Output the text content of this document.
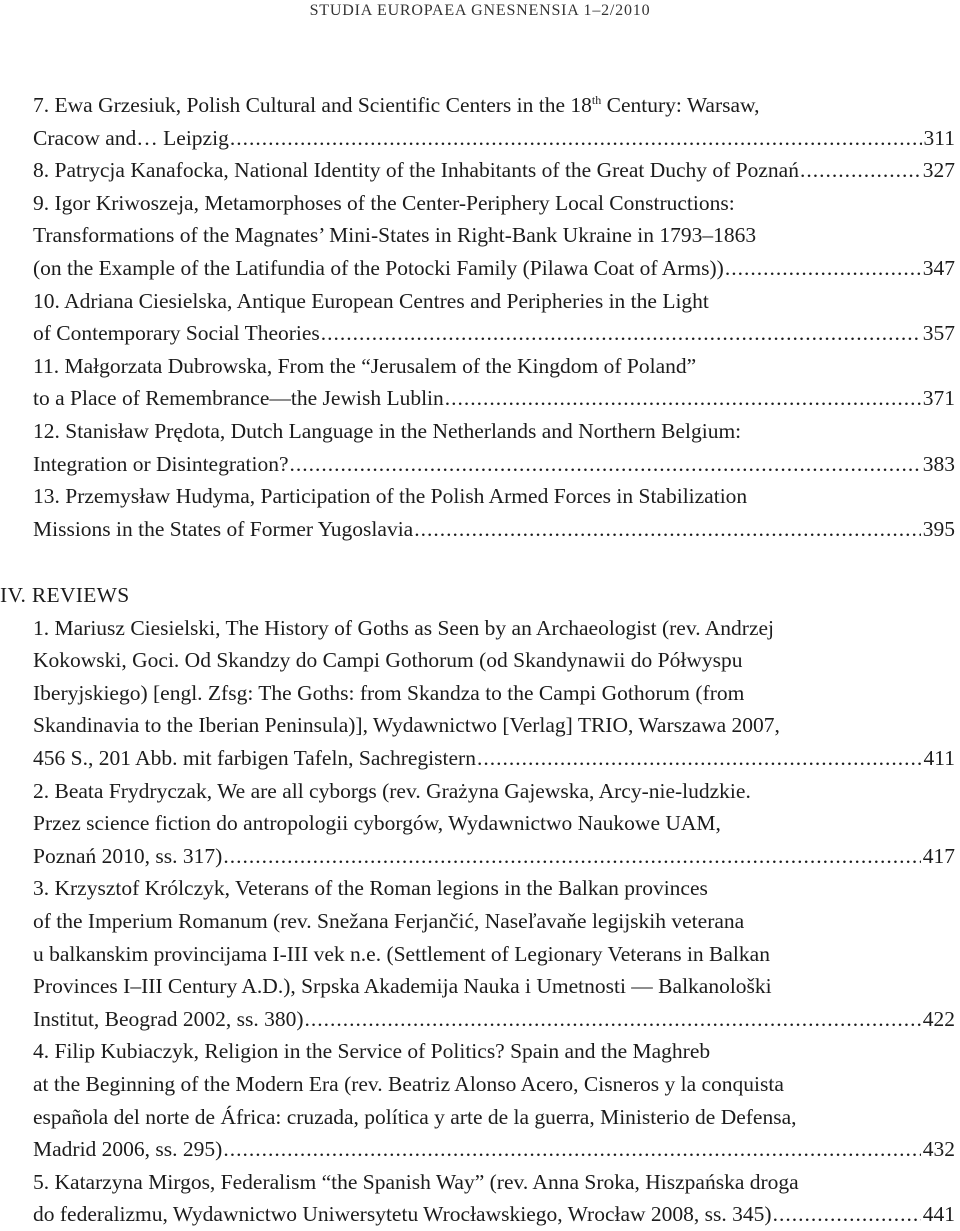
STUDIA EUROPAEA GNESNENSIA 1–2/2010
7. Ewa Grzesiuk, Polish Cultural and Scientific Centers in the 18th Century: Warsaw,
Cracow and… Leipzig .....	311
8. Patrycja Kanafocka, National Identity of the Inhabitants of the Great Duchy of Poznań .....	327
9. Igor Kriwoszeja, Metamorphoses of the Center-Periphery Local Constructions:
Transformations of the Magnates’ Mini-States in Right-Bank Ukraine in 1793–1863
(on the Example of the Latifundia of the Potocki Family (Pilawa Coat of Arms)) .....	347
10. Adriana Ciesielska, Antique European Centres and Peripheries in the Light
of Contemporary Social Theories .....	357
11. Małgorzata Dubrowska, From the “Jerusalem of the Kingdom of Poland”
to a Place of Remembrance—the Jewish Lublin .....	371
12. Stanisław Prędota, Dutch Language in the Netherlands and Northern Belgium:
Integration or Disintegration? .....	383
13. Przemysław Hudyma, Participation of the Polish Armed Forces in Stabilization
Missions in the States of Former Yugoslavia .....	395
IV. REVIEWS
1. Mariusz Ciesielski, The History of Goths as Seen by an Archaeologist (rev. Andrzej
Kokowski, Goci. Od Skandzy do Campi Gothorum (od Skandynawii do Półwyspu
Iberyjskiego) [engl. Zfsg: The Goths: from Skandza to the Campi Gothorum (from
Skandinavia to the Iberian Peninsula)], Wydawnictwo [Verlag] TRIO, Warszawa 2007,
456 S., 201 Abb. mit farbigen Tafeln, Sachregistern .....	411
2. Beata Frydryczak, We are all cyborgs (rev. Grażyna Gajewska, Arcy-nie-ludzkie.
Przez science fiction do antropologii cyborgów, Wydawnictwo Naukowe UAM,
Poznań 2010, ss. 317) .....	417
3. Krzysztof Królczyk, Veterans of the Roman legions in the Balkan provinces
of the Imperium Romanum (rev. Snežana Ferjančić, Naseľavaňe legijskih veterana
u balkanskim provincijama I-III vek n.e. (Settlement of Legionary Veterans in Balkan
Provinces I–III Century A.D.), Srpska Akademija Nauka i Umetnosti — Balkanološki
Institut, Beograd 2002, ss. 380) .....	422
4. Filip Kubiaczyk, Religion in the Service of Politics? Spain and the Maghreb
at the Beginning of the Modern Era (rev. Beatriz Alonso Acero, Cisneros y la conquista
española del norte de África: cruzada, política y arte de la guerra, Ministerio de Defensa,
Madrid 2006, ss. 295) .....	432
5. Katarzyna Mirgos, Federalism “the Spanish Way” (rev. Anna Sroka, Hiszpańska droga
do federalizmu, Wydawnictwo Uniwersytetu Wrocławskiego, Wrocław 2008, ss. 345) .....	441
